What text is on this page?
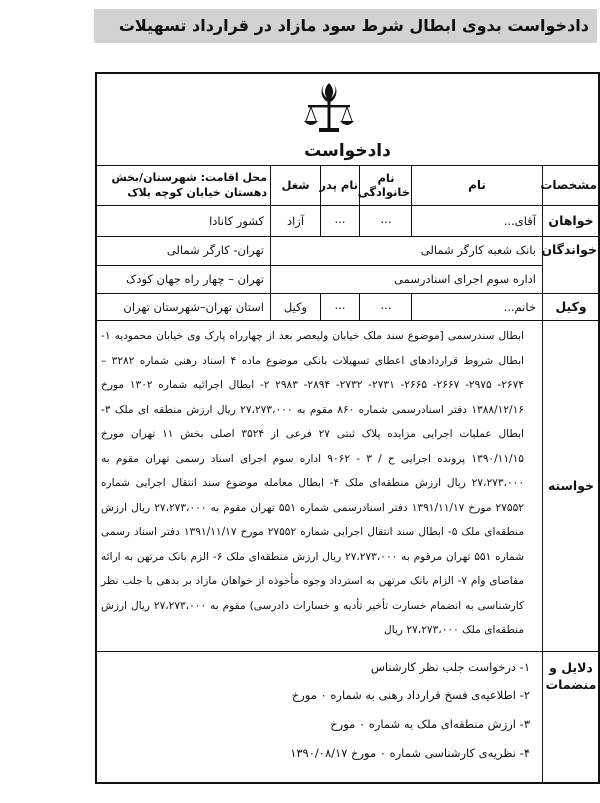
دادخواست بدوی ابطال شرط سود مازاد در قرارداد تسهیلات
دادخواست
مشخصات
نام
نام خانوادگی
نام پدر
شغل
محل اقامت: شهرستان/بخش دهستان خیابان کوچه پلاک
خواهان
آقای...
...
...
آزاد
کشور کانادا
خواندگان
بانک شعبه کارگر شمالی
تهران- کارگر شمالی
اداره سوم اجرای اسنادرسمی
تهران – چهار راه جهان کودک
وکیل
خانم...
...
...
وکیل
استان تهران–شهرستان تهران
خواسته
ابطال سندرسمی [موضوع سند ملک خیابان ولیعصر بعد از چهارراه پارک وی خیابان محمودیه ۱- ابطال شروط قراردادهای اعطای تسهیلات بانکی موضوع ماده ۴ اسناد رهنی شماره ۳۲۸۲ – ۲۶۷۴- ۲۹۷۵- ۲۶۶۷- ۲۶۶۵- ۲۷۳۱- ۲۷۳۲- ۲۸۹۴- ۲۹۸۳ ۲- ابطال اجرائیه شماره ۱۳۰۲ مورخ ۱۳۸۸/۱۲/۱۶ دفتر اسنادرسمی شماره ۸۶۰ مقوم به ۲۷،۲۷۳،۰۰۰ ریال ارزش منطقه ای ملک ۳- ابطال عملیات اجرایی مزایده پلاک ثبتی ۲۷ فرعی از ۳۵۲۴ اصلی بخش ۱۱ تهران مورخ ۱۳۹۰/۱۱/۱۵ پرونده اجرایی ح / ۳ - ۹۰۶۲ اداره سوم اجرای اسناد رسمی تهران مقوم به ۲۷،۲۷۳،۰۰۰ ریال ارزش منطقه‌ای ملک ۴- ابطال معامله موضوع سند انتقال اجرایی شماره ۲۷۵۵۲ مورخ ۱۳۹۱/۱۱/۱۷ دفتر اسنادرسمی شماره ۵۵۱ تهران مقوم به ۲۷،۲۷۳،۰۰۰ ریال ارزش منطقه‌ای ملک ۵- ابطال سند انتقال اجرایی شماره ۲۷۵۵۲ مورخ ۱۳۹۱/۱۱/۱۷ دفتر اسناد رسمی شماره ۵۵۱ تهران مرقوم به ۲۷،۲۷۳،۰۰۰ ریال ارزش منطقه‌ای ملک ۶- الزم بانک مرتهن به ارائه مفاصای وام ۷- الزام بانک مرتهن به استرداد وجوه مأخوذه از خواهان مازاد بر بدهی با جلب نظر کارشناسی به انضمام خسارت تأخیر تأدیه و خسارات دادرسی) مقوم به ۲۷،۲۷۳،۰۰۰ ریال ارزش منطقه‌ای ملک ۲۷،۲۷۳،۰۰۰ ریال
دلایل و
منضمات
۱- درخواست جلب نظر کارشناس
۲- اطلاعیه‌ی فسخ قرارداد رهنی به شماره ۰ مورخ
۳- ارزش منطقه‌ای ملک به شماره ۰ مورخ
۴- نظریه‌ی کارشناسی شماره ۰ مورخ ۱۳۹۰/۰۸/۱۷
